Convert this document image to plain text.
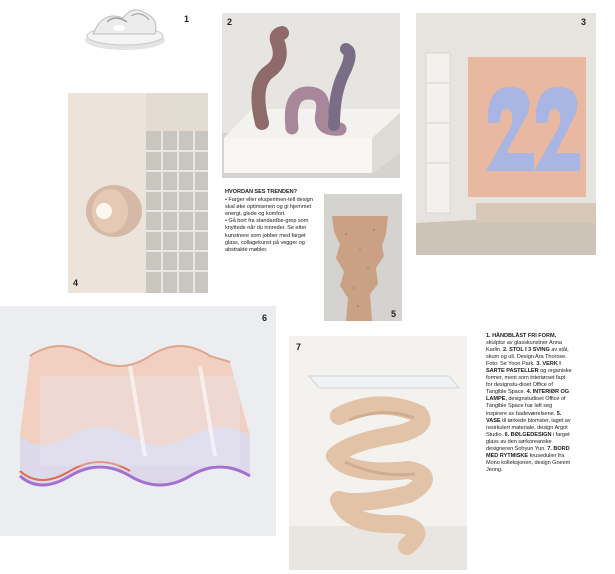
1	2	3
4

HVORDAN SES TRENDEN?

• Farger eller eksperimen-tell design skal øke optimismen og gi hjemmet energi, glede og komfort.

• Gå bort fra standardbe-grep som knyttede når du innreder. Se etter kunstnere som jobber med farget glass, collagekunst på vegger og abstrakte møbler.

5
6
7

1. HÅNDBLÅST FRI FORM, skulptur av glasskunstner Anna Karlin. 2. STOL I 3 SVING av stål, skum og ull. Design Ara Thorose. Foto: Se Yoon Park. 3. VERK I SARTE PASTELLER og organiske former, ment som interiørset fapt for designstu-dioet Office of Tangible Space. 4. INTERIØR OG LAMPE, designstudioet Office of Tangible Space har laft seg inspirere av badeværelsene. 5. VASE til tørkede blomster, laget av resirkulert materiale, design Argot Studio. 6. BØLGEDESIGN i farget glass av den sørkoreanske designeren Sohyun Yun. 7. BORD MED RYTMISKE krusedulier fra Mono kolleksjonen, design Gneem Jeong.
